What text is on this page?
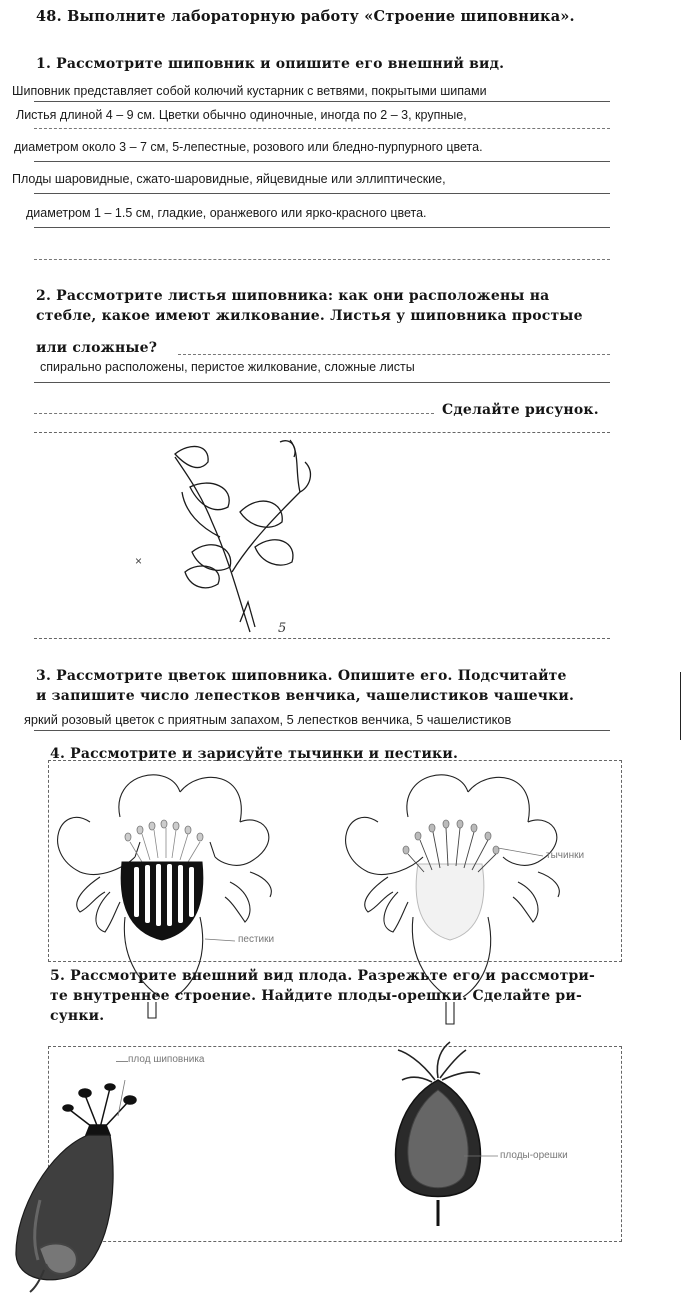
48. Выполните лабораторную работу «Строение шиповника».
1. Рассмотрите шиповник и опишите его внешний вид.
Шиповник представляет собой колючий кустарник с ветвями, покрытыми шипами
Листья длиной 4 – 9 см. Цветки обычно одиночные, иногда по 2 – 3, крупные,
диаметром около 3 – 7 см, 5-лепестные, розового или бледно-пурпурного цвета.
Плоды шаровидные, сжато-шаровидные, яйцевидные или эллиптические,
диаметром 1 – 1.5 см, гладкие, оранжевого или ярко-красного цвета.
2. Рассмотрите листья шиповника: как они расположены на
стебле, какое имеют жилкование. Листья у шиповника простые
или сложные?
спирально расположены, перистое жилкование, сложные листы
Сделайте рисунок.
5
×
3. Рассмотрите цветок шиповника. Опишите его. Подсчитайте
и запишите число лепестков венчика, чашелистиков чашечки.
яркий розовый цветок с приятным запахом, 5 лепестков венчика, 5 чашелистиков
4. Рассмотрите и зарисуйте тычинки и пестики.
пестики
тычинки
5. Рассмотрите внешний вид плода. Разрежьте его и рассмотри-
те внутреннее строение. Найдите плоды-орешки. Сделайте ри-
сунки.
плод шиповника
плоды-орешки
